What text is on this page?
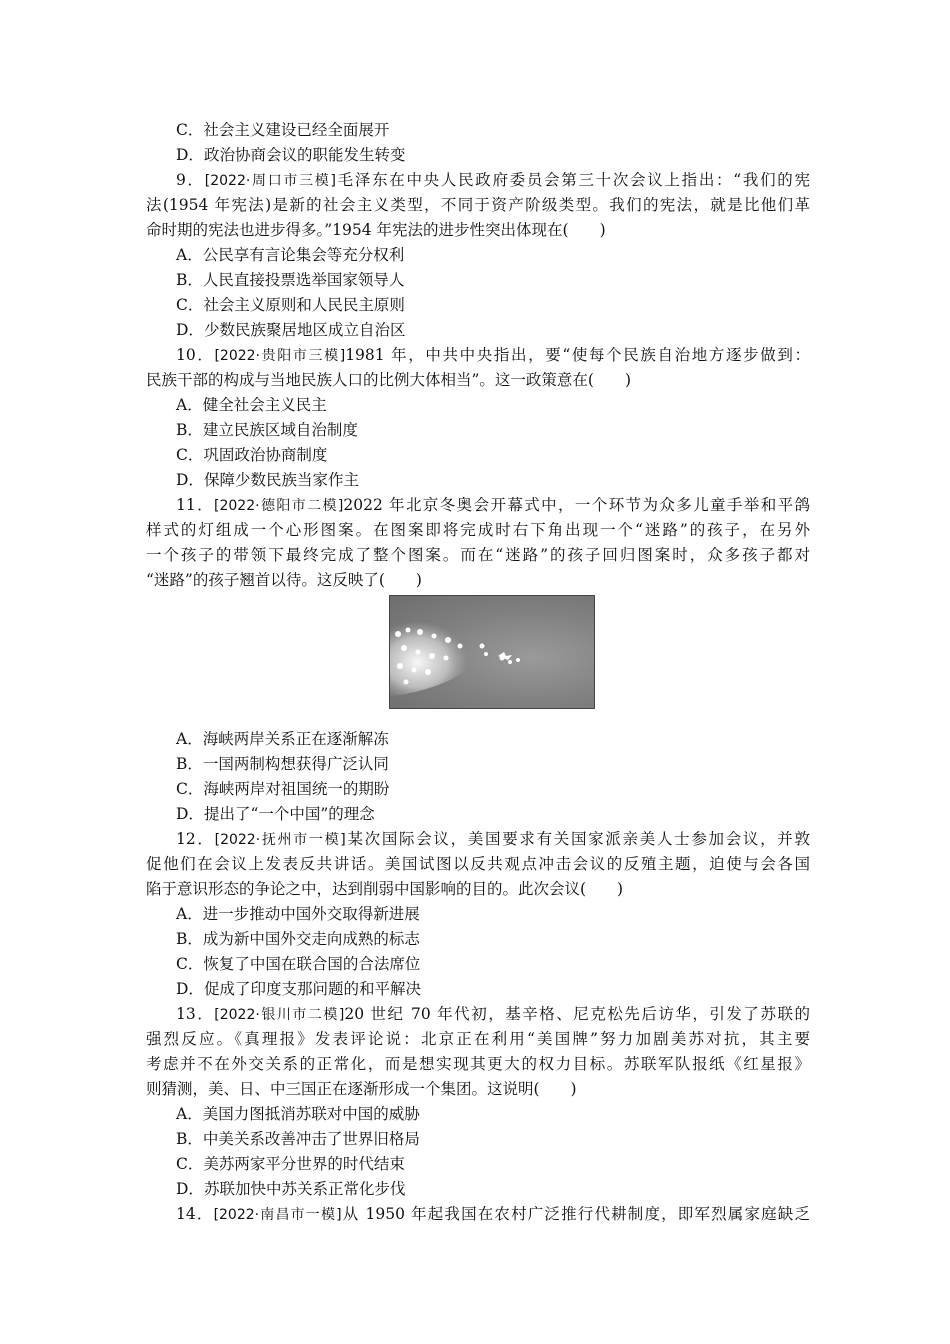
C．社会主义建设已经全面展开
D．政治协商会议的职能发生转变
9．[2022·周口市三模]毛泽东在中央人民政府委员会第三十次会议上指出：“我们的宪
法(1954 年宪法)是新的社会主义类型，不同于资产阶级类型。我们的宪法，就是比他们革
命时期的宪法也进步得多。”1954 年宪法的进步性突出体现在(　　)
A．公民享有言论集会等充分权利
B．人民直接投票选举国家领导人
C．社会主义原则和人民民主原则
D．少数民族聚居地区成立自治区
10．[2022·贵阳市三模]1981 年，中共中央指出，要“使每个民族自治地方逐步做到：
民族干部的构成与当地民族人口的比例大体相当”。这一政策意在(　　)
A．健全社会主义民主
B．建立民族区域自治制度
C．巩固政治协商制度
D．保障少数民族当家作主
11．[2022·德阳市二模]2022 年北京冬奥会开幕式中，一个环节为众多儿童手举和平鸽
样式的灯组成一个心形图案。在图案即将完成时右下角出现一个“迷路”的孩子，在另外
一个孩子的带领下最终完成了整个图案。而在“迷路”的孩子回归图案时，众多孩子都对
“迷路”的孩子翘首以待。这反映了(　　)
A．海峡两岸关系正在逐渐解冻
B．一国两制构想获得广泛认同
C．海峡两岸对祖国统一的期盼
D．提出了“一个中国”的理念
12．[2022·抚州市一模]某次国际会议，美国要求有关国家派亲美人士参加会议，并敦
促他们在会议上发表反共讲话。美国试图以反共观点冲击会议的反殖主题，迫使与会各国
陷于意识形态的争论之中，达到削弱中国影响的目的。此次会议(　　)
A．进一步推动中国外交取得新进展
B．成为新中国外交走向成熟的标志
C．恢复了中国在联合国的合法席位
D．促成了印度支那问题的和平解决
13．[2022·银川市二模]20 世纪 70 年代初，基辛格、尼克松先后访华，引发了苏联的
强烈反应。《真理报》发表评论说：北京正在利用“美国牌”努力加剧美苏对抗，其主要
考虑并不在外交关系的正常化，而是想实现其更大的权力目标。苏联军队报纸《红星报》
则猜测，美、日、中三国正在逐渐形成一个集团。这说明(　　)
A．美国力图抵消苏联对中国的威胁
B．中美关系改善冲击了世界旧格局
C．美苏两家平分世界的时代结束
D．苏联加快中苏关系正常化步伐
14．[2022·南昌市一模]从 1950 年起我国在农村广泛推行代耕制度，即军烈属家庭缺乏
